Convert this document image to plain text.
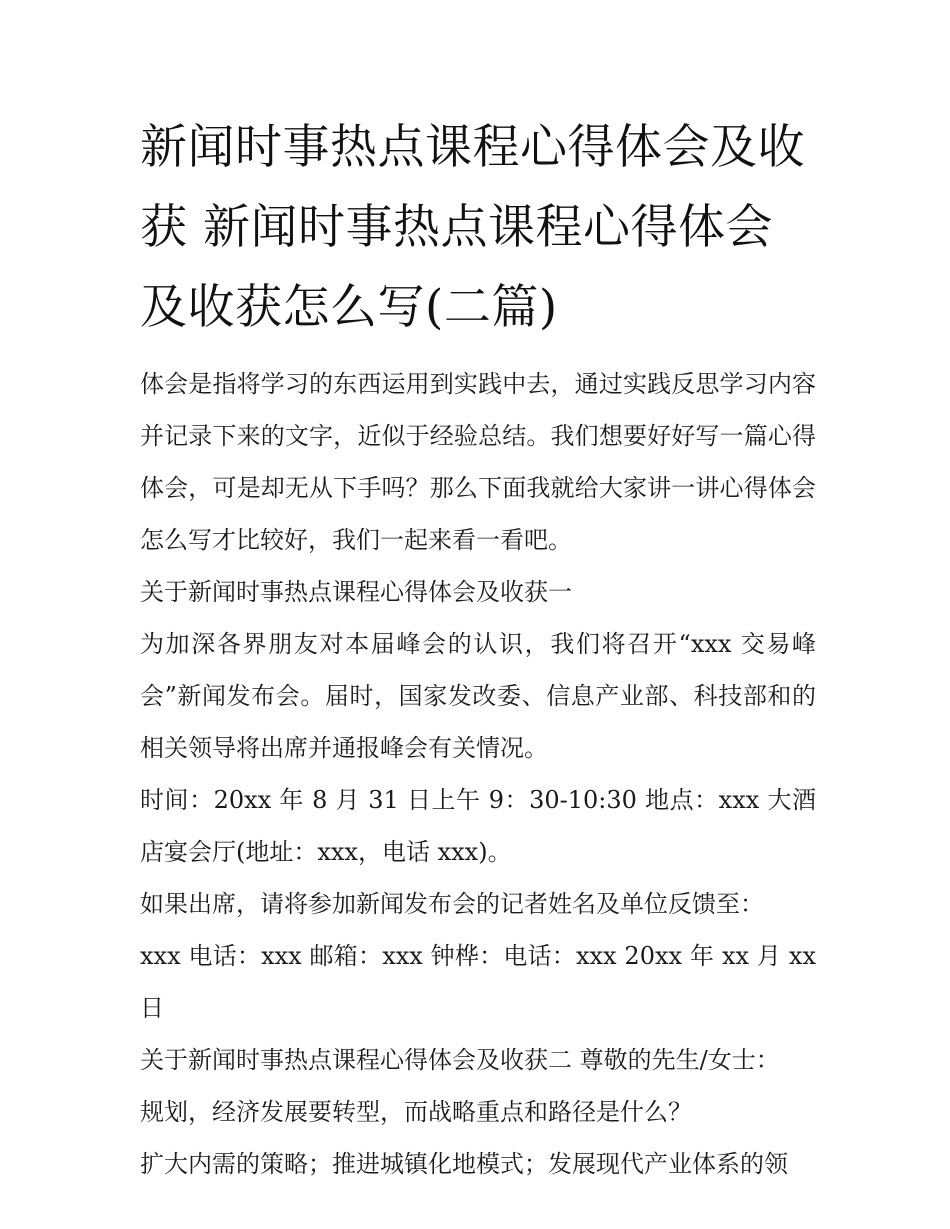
新闻时事热点课程心得体会及收获 新闻时事热点课程心得体会及收获怎么写(二篇)

体会是指将学习的东西运用到实践中去，通过实践反思学习内容并记录下来的文字，近似于经验总结。我们想要好好写一篇心得体会，可是却无从下手吗？那么下面我就给大家讲一讲心得体会怎么写才比较好，我们一起来看一看吧。

关于新闻时事热点课程心得体会及收获一

为加深各界朋友对本届峰会的认识，我们将召开“xxx 交易峰会”新闻发布会。届时，国家发改委、信息产业部、科技部和的相关领导将出席并通报峰会有关情况。

时间：20xx 年 8 月 31 日上午 9：30-10:30 地点：xxx 大酒店宴会厅(地址：xxx，电话 xxx)。

如果出席，请将参加新闻发布会的记者姓名及单位反馈至：

xxx 电话：xxx 邮箱：xxx 钟桦：电话：xxx 20xx 年 xx 月 xx 日

关于新闻时事热点课程心得体会及收获二 尊敬的先生/女士：

规划，经济发展要转型，而战略重点和路径是什么？

扩大内需的策略；推进城镇化地模式；发展现代产业体系的领
